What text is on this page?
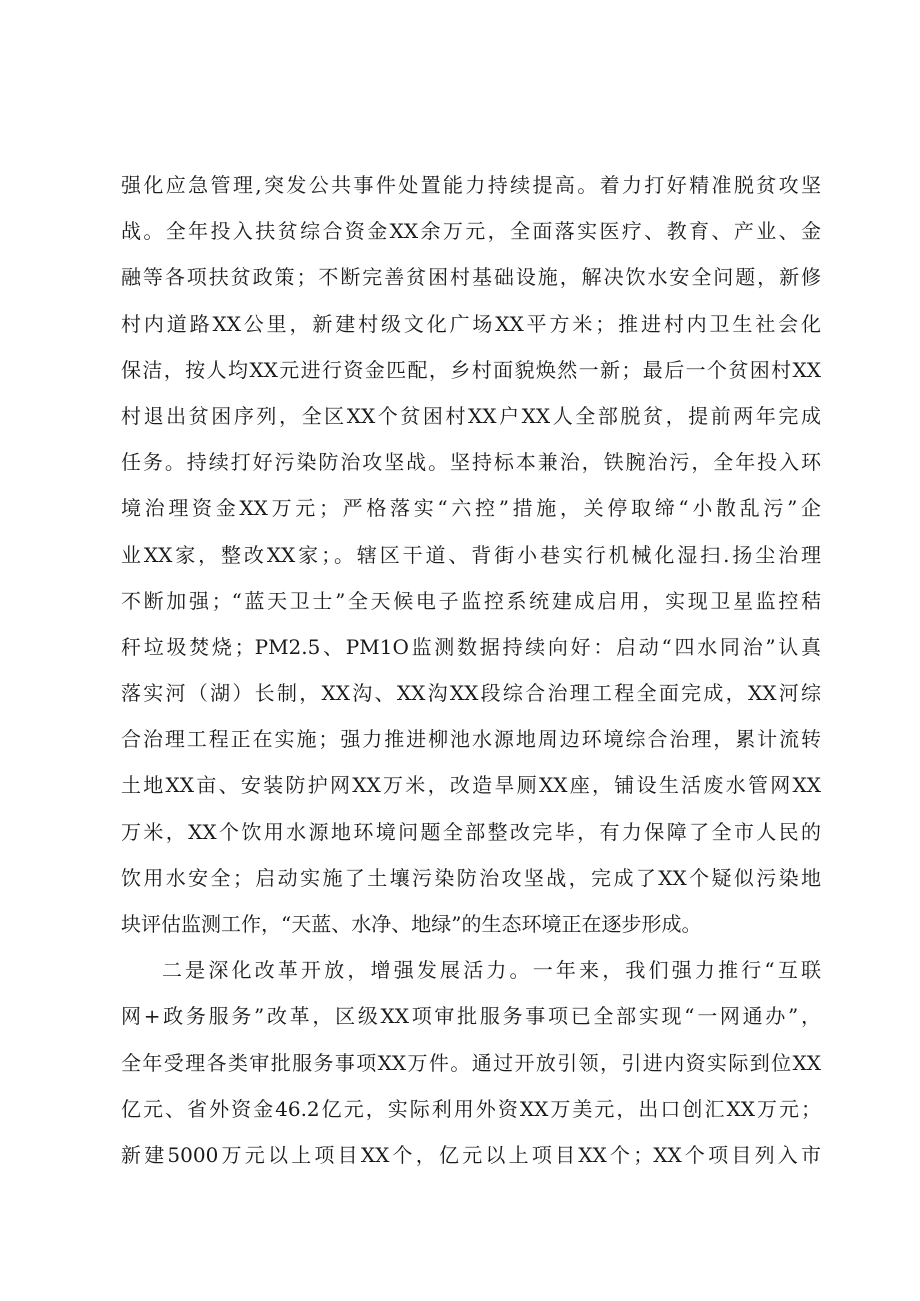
强化应急管理,突发公共事件处置能力持续提高。着力打好精准脱贫攻坚
战。全年投入扶贫综合资金XX余万元，全面落实医疗、教育、产业、金
融等各项扶贫政策；不断完善贫困村基础设施，解决饮水安全问题，新修
村内道路XX公里，新建村级文化广场XX平方米；推进村内卫生社会化
保洁，按人均XX元进行资金匹配，乡村面貌焕然一新；最后一个贫困村XX
村退出贫困序列，全区XX个贫困村XX户XX人全部脱贫，提前两年完成
任务。持续打好污染防治攻坚战。坚持标本兼治，铁腕治污，全年投入环
境治理资金XX万元；严格落实“六控”措施，关停取缔“小散乱污”企
业XX家，整改XX家；。辖区干道、背街小巷实行机械化湿扫.扬尘治理
不断加强；“蓝天卫士”全天候电子监控系统建成启用，实现卫星监控秸
秆垃圾焚烧；PM2.5、PM1O监测数据持续向好：启动“四水同治”认真
落实河（湖）长制，XX沟、XX沟XX段综合治理工程全面完成，XX河综
合治理工程正在实施；强力推进柳池水源地周边环境综合治理，累计流转
土地XX亩、安装防护网XX万米，改造旱厕XX座，铺设生活废水管网XX
万米，XX个饮用水源地环境问题全部整改完毕，有力保障了全市人民的
饮用水安全；启动实施了土壤污染防治攻坚战，完成了XX个疑似污染地
块评估监测工作，“天蓝、水净、地绿”的生态环境正在逐步形成。
二是深化改革开放，增强发展活力。一年来，我们强力推行“互联
网+政务服务”改革，区级XX项审批服务事项已全部实现“一网通办”，
全年受理各类审批服务事项XX万件。通过开放引领，引进内资实际到位XX
亿元、省外资金46.2亿元，实际利用外资XX万美元，出口创汇XX万元；
新建5000万元以上项目XX个，亿元以上项目XX个；XX个项目列入市
